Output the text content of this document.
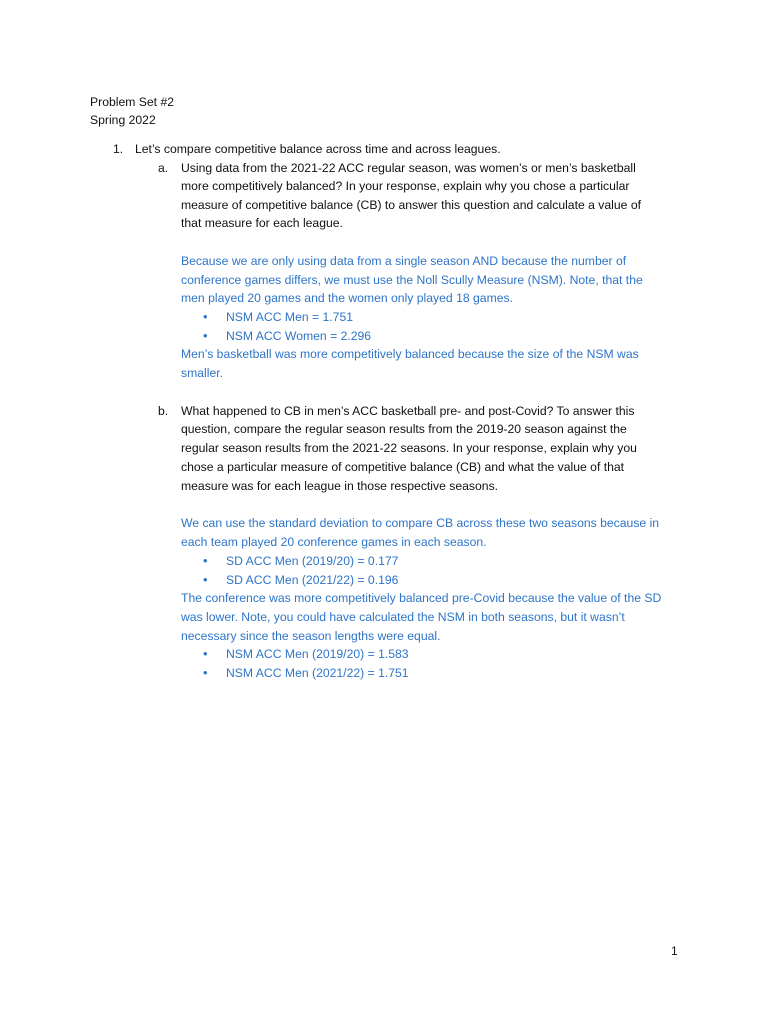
Problem Set #2
Spring 2022
1. Let’s compare competitive balance across time and across leagues.
a. Using data from the 2021-22 ACC regular season, was women’s or men’s basketball
more competitively balanced? In your response, explain why you chose a particular
measure of competitive balance (CB) to answer this question and calculate a value of
that measure for each league.
Because we are only using data from a single season AND because the number of
conference games differs, we must use the Noll Scully Measure (NSM). Note, that the
men played 20 games and the women only played 18 games.
• NSM ACC Men = 1.751
• NSM ACC Women = 2.296
Men’s basketball was more competitively balanced because the size of the NSM was
smaller.
b. What happened to CB in men’s ACC basketball pre- and post-Covid? To answer this
question, compare the regular season results from the 2019-20 season against the
regular season results from the 2021-22 seasons. In your response, explain why you
chose a particular measure of competitive balance (CB) and what the value of that
measure was for each league in those respective seasons.
We can use the standard deviation to compare CB across these two seasons because in
each team played 20 conference games in each season.
• SD ACC Men (2019/20) = 0.177
• SD ACC Men (2021/22) = 0.196
The conference was more competitively balanced pre-Covid because the value of the SD
was lower. Note, you could have calculated the NSM in both seasons, but it wasn’t
necessary since the season lengths were equal.
• NSM ACC Men (2019/20) = 1.583
• NSM ACC Men (2021/22) = 1.751
1
